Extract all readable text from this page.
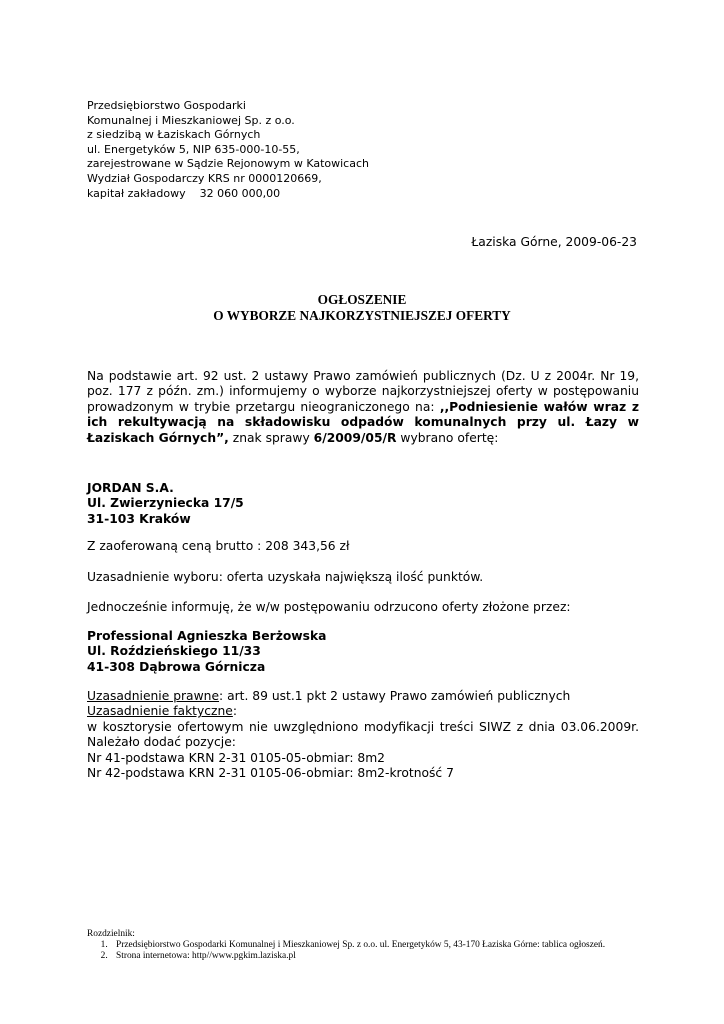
Przedsiębiorstwo Gospodarki
Komunalnej i Mieszkaniowej Sp. z o.o.
z siedzibą w Łaziskach Górnych
ul. Energetyków 5, NIP 635-000-10-55,
zarejestrowane w Sądzie Rejonowym w Katowicach
Wydział Gospodarczy KRS nr 0000120669,
kapitał zakładowy 32 060 000,00
Łaziska Górne, 2009-06-23
OGŁOSZENIE
O WYBORZE NAJKORZYSTNIEJSZEJ OFERTY
Na podstawie art. 92 ust. 2 ustawy Prawo zamówień publicznych (Dz. U z 2004r. Nr 19, poz. 177 z późn. zm.) informujemy o wyborze najkorzystniejszej oferty w postępowaniu prowadzonym w trybie przetargu nieograniczonego na: ,,Podniesienie wałów wraz z ich rekultywacją na składowisku odpadów komunalnych przy ul. Łazy w Łaziskach Górnych”, znak sprawy 6/2009/05/R wybrano ofertę:
JORDAN S.A.
Ul. Zwierzyniecka 17/5
31-103 Kraków
Z zaoferowaną ceną brutto : 208 343,56 zł
Uzasadnienie wyboru: oferta uzyskała największą ilość punktów.
Jednocześnie informuję, że w/w postępowaniu odrzucono oferty złożone przez:
Professional Agnieszka Berżowska
Ul. Roździeńskiego 11/33
41-308 Dąbrowa Górnicza
Uzasadnienie prawne: art. 89 ust.1 pkt 2 ustawy Prawo zamówień publicznych
Uzasadnienie faktyczne:
w kosztorysie ofertowym nie uwzględniono modyfikacji treści SIWZ z dnia 03.06.2009r. Należało dodać pozycje:
Nr 41-podstawa KRN 2-31 0105-05-obmiar: 8m2
Nr 42-podstawa KRN 2-31 0105-06-obmiar: 8m2-krotność 7
Rozdzielnik:
1. Przedsiębiorstwo Gospodarki Komunalnej i Mieszkaniowej Sp. z o.o. ul. Energetyków 5, 43-170 Łaziska Górne: tablica ogłoszeń.
2. Strona internetowa: http//www.pgkim.laziska.pl
